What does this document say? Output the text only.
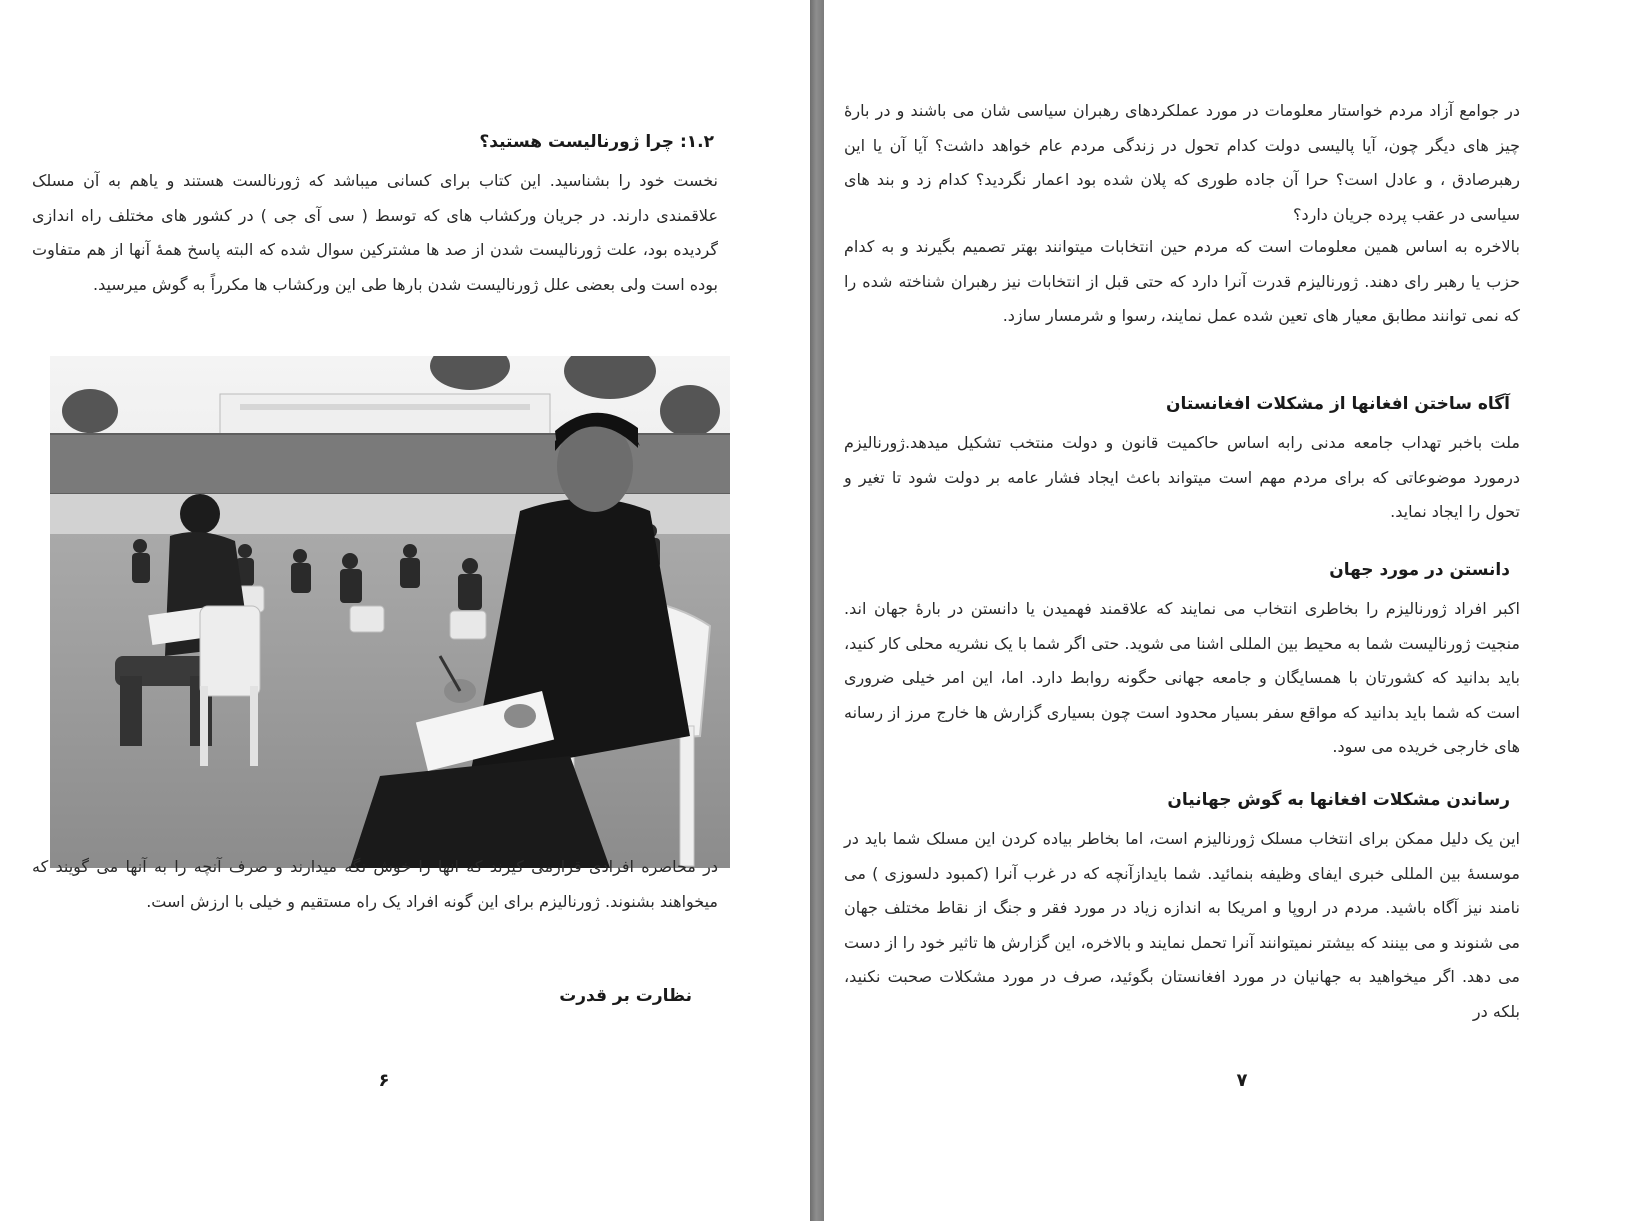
۱.۲: چرا ژورنالیست هستید؟

نخست خود را بشناسید. این کتاب برای کسانی میباشد که ژورنالست هستند و یاهم به آن مسلک علاقمندی دارند. در جریان ورکشاب های که توسط ( سی آی جی ) در کشور های مختلف راه اندازی گردیده بود، علت ژورنالیست شدن از صد ها مشترکین سوال شده که البته پاسخ همهٔ آنها از هم متفاوت بوده است ولی بعضی علل ژورنالیست شدن بارها طی این ورکشاب ها مکرراً به گوش میرسید.

در محاصره افرادی قرارمی کیرند که انها را خوش نگه میدارند و صرف آنچه را به آنها می گویند که میخواهند بشنوند. ژورنالیزم برای این گونه افراد یک راه مستقیم و خیلی با ارزش است.

نظارت بر قدرت
۶

در جوامع آزاد مردم خواستار معلومات در مورد عملکردهای رهبران سیاسی شان می باشند و در بارهٔ چیز های دیگر چون، آیا پالیسی دولت کدام تحول در زندگی مردم عام خواهد داشت؟ آیا آن یا این رهبرصادق ، و عادل است؟ حرا آن جاده طوری که پلان شده بود اعمار نگردید؟ کدام زد و بند های سیاسی در عقب پرده جریان دارد؟

بالاخره به اساس همین معلومات است که مردم حین انتخابات میتوانند بهتر تصمیم بگیرند و به کدام حزب یا رهبر رای دهند. ژورنالیزم قدرت آنرا دارد که حتی قبل از انتخابات نیز رهبران شناخته شده را که نمی توانند مطابق معیار های تعین شده عمل نمایند، رسوا و شرمسار سازد.

آگاه ساختن افغانها از مشکلات افغانستان

ملت باخبر تهداب جامعه مدنی رابه اساس حاکمیت قانون و دولت منتخب تشکیل میدهد.ژورنالیزم درمورد موضوعاتی که برای مردم مهم است میتواند باعث ایجاد فشار عامه بر دولت شود تا تغیر و تحول را ایجاد نماید.

دانستن در مورد جهان

اکبر افراد ژورنالیزم را بخاطری انتخاب می نمایند که علاقمند فهمیدن یا دانستن در بارهٔ جهان اند. منجیت ژورنالیست شما به محیط بین المللی اشنا می شوید. حتی اگر شما با یک نشریه محلی کار کنید، باید بدانید که کشورتان با همسایگان و جامعه جهانی حگونه روابط دارد. اما، این امر خیلی ضروری است که شما باید بدانید که مواقع سفر بسیار محدود است چون بسیاری گزارش ها خارج مرز از رسانه های خارجی خریده می سود.

رساندن مشکلات افغانها به گوش جهانیان

این یک دلیل ممکن برای انتخاب مسلک ژورنالیزم است، اما بخاطر بیاده کردن این مسلک شما باید در موسسهٔ بین المللی خبری ایفای وظیفه بنمائید. شما بایدازآنچه که در غرب آنرا (کمبود دلسوزی ) می نامند نیز آگاه باشید. مردم در اروپا و امریکا به اندازه زیاد در مورد فقر و جنگ از نقاط مختلف جهان می شنوند و می بینند که بیشتر نمیتوانند آنرا تحمل نمایند و بالاخره، این گزارش ها تاثیر خود را از دست می دهد. اگر میخواهید به جهانیان در مورد افغانستان بگوئید، صرف در مورد مشکلات صحبت نکنید، بلکه در

۷
